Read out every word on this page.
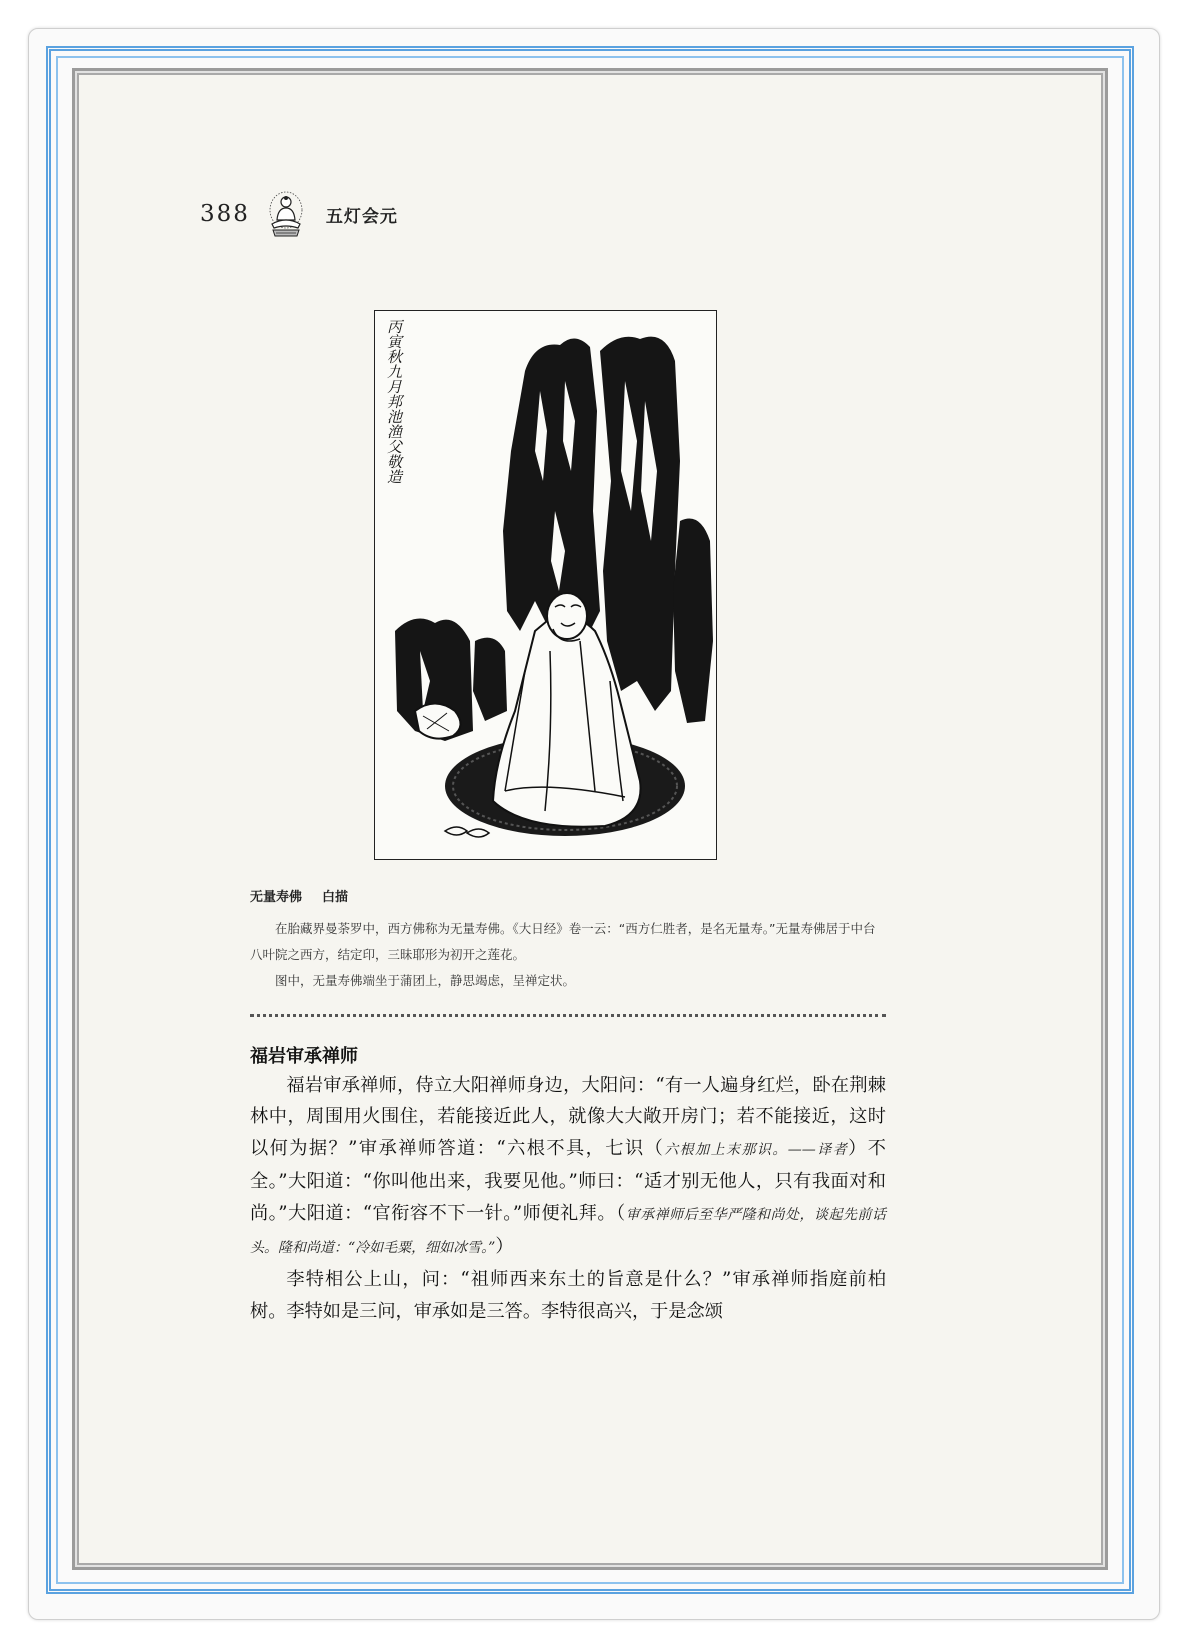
388	五灯会元
丙寅秋九月邦池渔父敬造
无量寿佛 白描

在胎藏界曼荼罗中，西方佛称为无量寿佛。《大日经》卷一云：“西方仁胜者，是名无量寿。”无量寿佛居于中台八叶院之西方，结定印，三昧耶形为初开之莲花。

图中，无量寿佛端坐于蒲团上，静思竭虑，呈禅定状。

福岩审承禅师

福岩审承禅师，侍立大阳禅师身边，大阳问：“有一人遍身红烂，卧在荆棘林中，周围用火围住，若能接近此人，就像大大敞开房门；若不能接近，这时以何为据？”审承禅师答道：“六根不具，七识（六根加上末那识。——译者）不全。”大阳道：“你叫他出来，我要见他。”师曰：“适才别无他人，只有我面对和尚。”大阳道：“官衔容不下一针。”师便礼拜。（审承禅师后至华严隆和尚处，谈起先前话头。隆和尚道：“冷如毛粟，细如冰雪。”）

李特相公上山，问：“祖师西来东土的旨意是什么？”审承禅师指庭前柏树。李特如是三问，审承如是三答。李特很高兴，于是念颂
